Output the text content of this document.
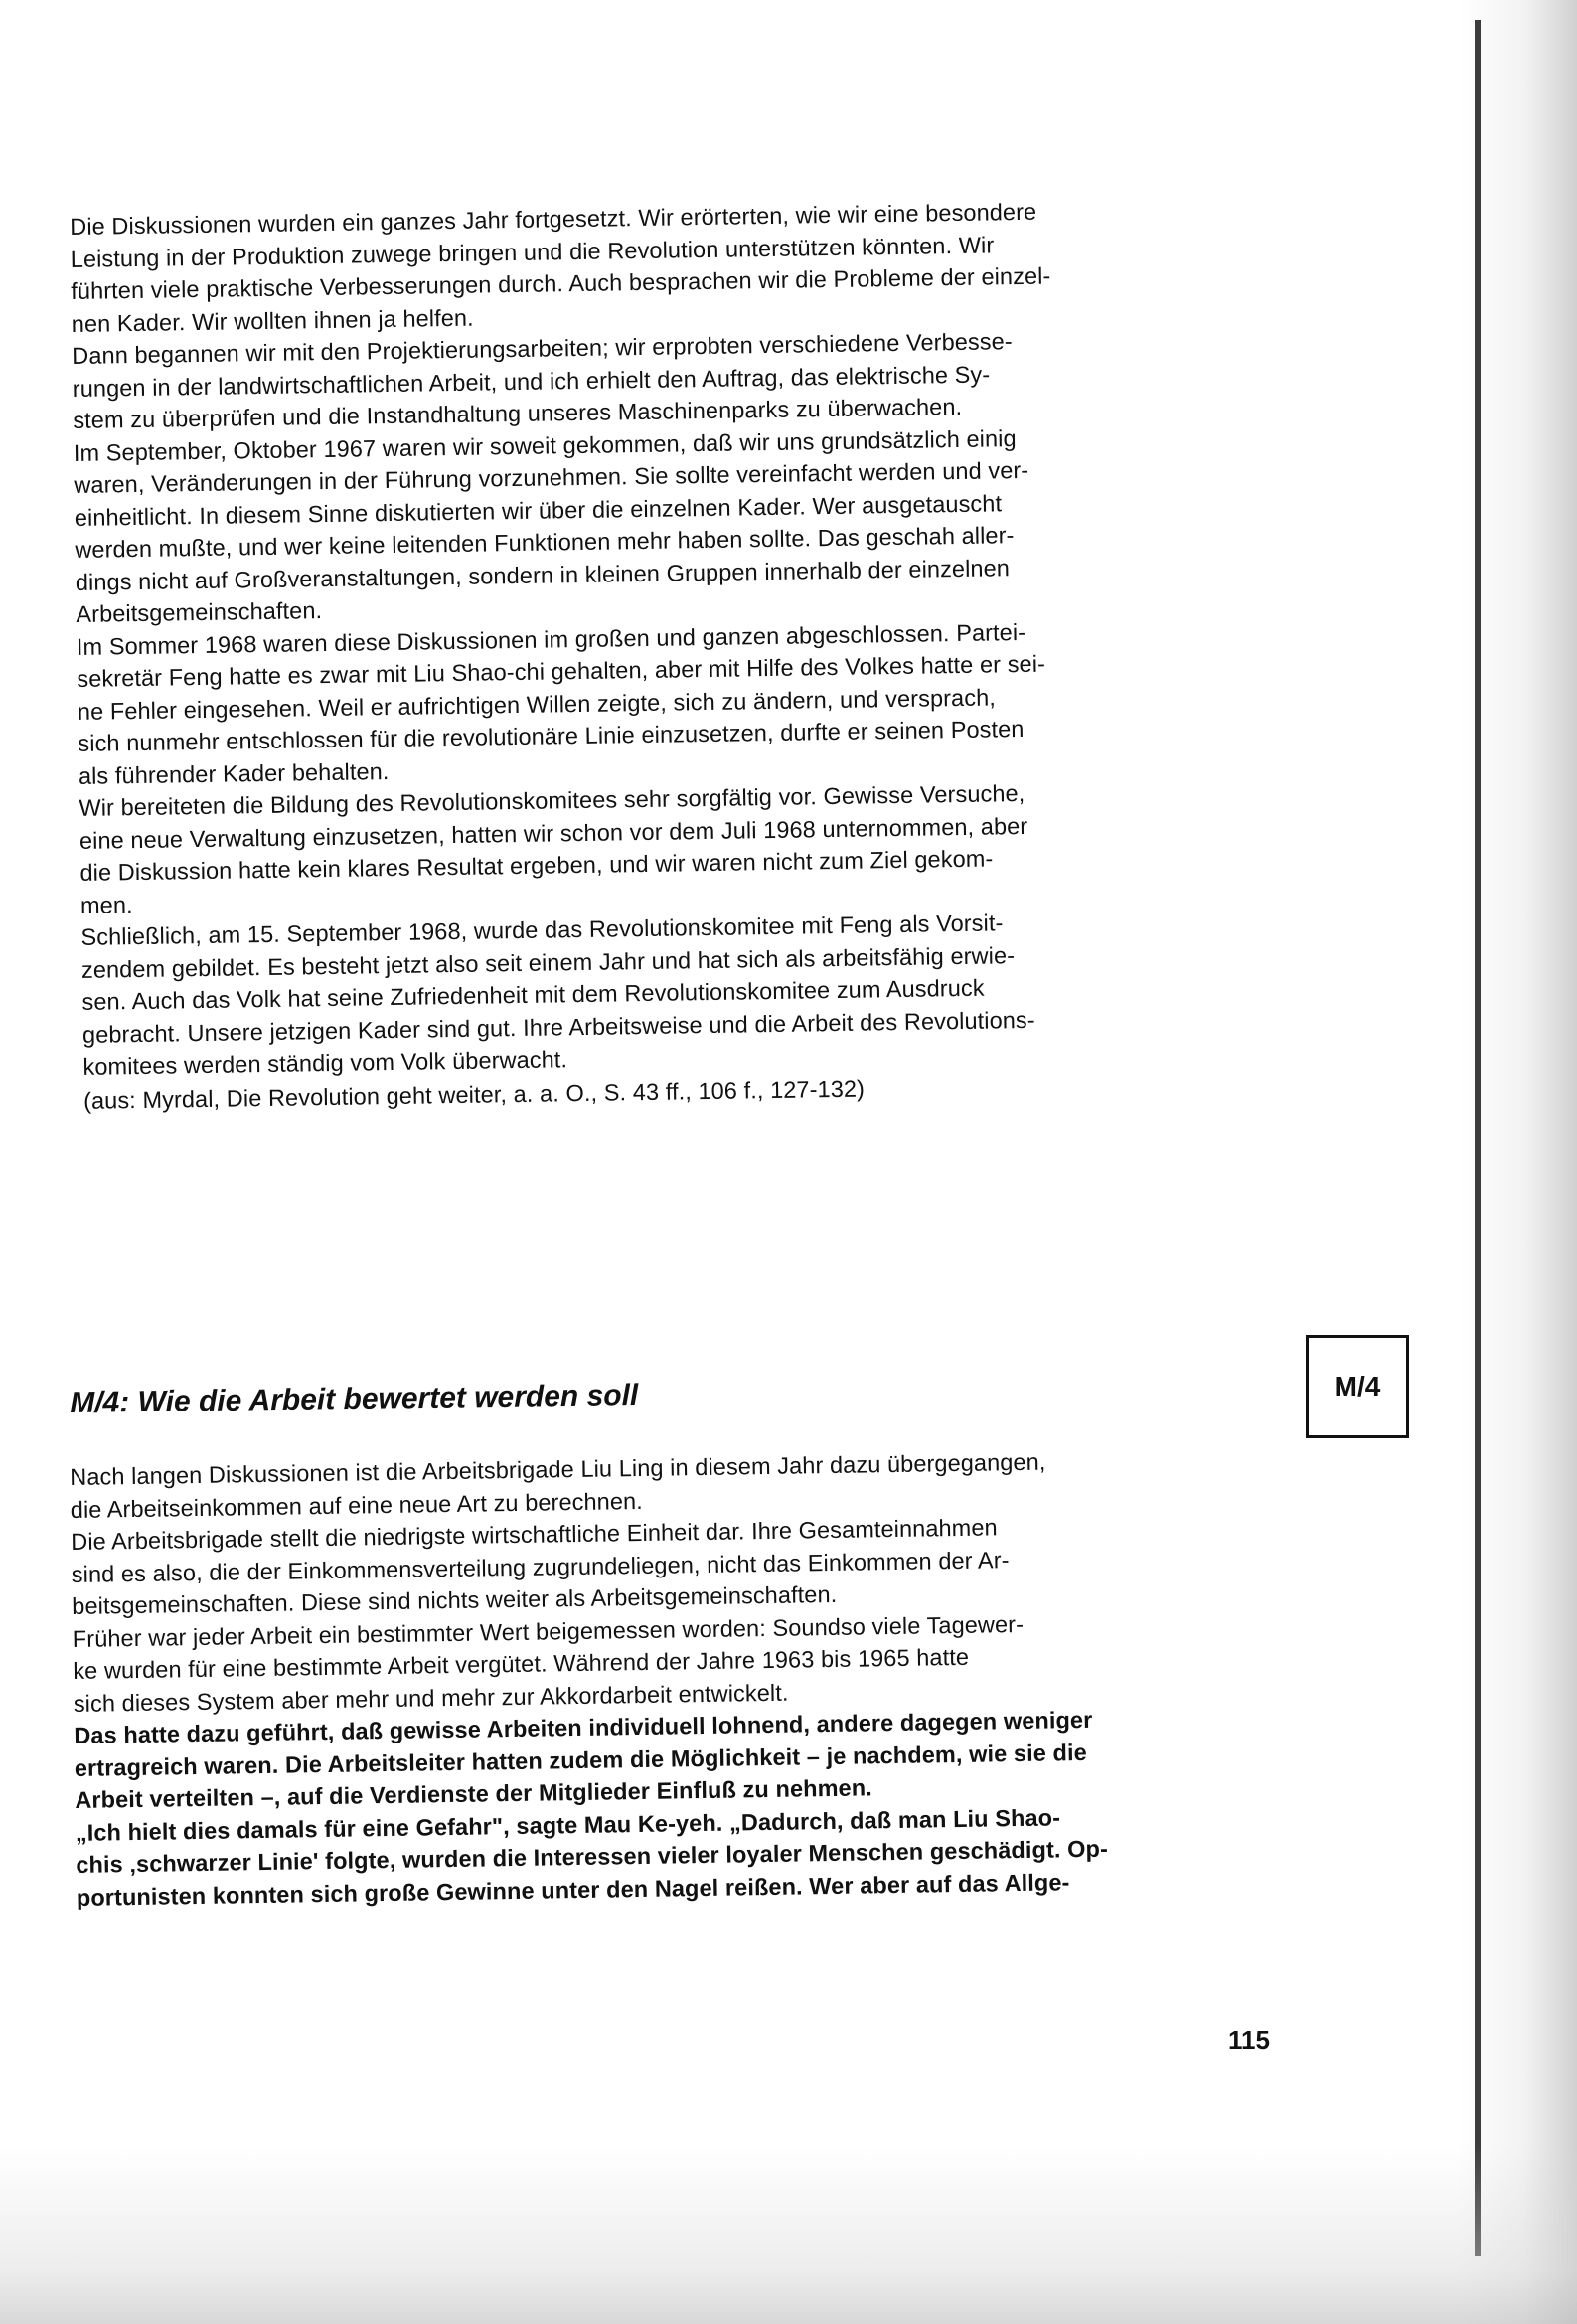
Die Diskussionen wurden ein ganzes Jahr fortgesetzt. Wir erörterten, wie wir eine besondere
Leistung in der Produktion zuwege bringen und die Revolution unterstützen könnten. Wir
führten viele praktische Verbesserungen durch. Auch besprachen wir die Probleme der einzel-
nen Kader. Wir wollten ihnen ja helfen.

Dann begannen wir mit den Projektierungsarbeiten; wir erprobten verschiedene Verbesse-
rungen in der landwirtschaftlichen Arbeit, und ich erhielt den Auftrag, das elektrische Sy-
stem zu überprüfen und die Instandhaltung unseres Maschinenparks zu überwachen.

Im September, Oktober 1967 waren wir soweit gekommen, daß wir uns grundsätzlich einig
waren, Veränderungen in der Führung vorzunehmen. Sie sollte vereinfacht werden und ver-
einheitlicht. In diesem Sinne diskutierten wir über die einzelnen Kader. Wer ausgetauscht
werden mußte, und wer keine leitenden Funktionen mehr haben sollte. Das geschah aller-
dings nicht auf Großveranstaltungen, sondern in kleinen Gruppen innerhalb der einzelnen
Arbeitsgemeinschaften.

Im Sommer 1968 waren diese Diskussionen im großen und ganzen abgeschlossen. Partei-
sekretär Feng hatte es zwar mit Liu Shao-chi gehalten, aber mit Hilfe des Volkes hatte er sei-
ne Fehler eingesehen. Weil er aufrichtigen Willen zeigte, sich zu ändern, und versprach,
sich nunmehr entschlossen für die revolutionäre Linie einzusetzen, durfte er seinen Posten
als führender Kader behalten.

Wir bereiteten die Bildung des Revolutionskomitees sehr sorgfältig vor. Gewisse Versuche,
eine neue Verwaltung einzusetzen, hatten wir schon vor dem Juli 1968 unternommen, aber
die Diskussion hatte kein klares Resultat ergeben, und wir waren nicht zum Ziel gekom-
men.

Schließlich, am 15. September 1968, wurde das Revolutionskomitee mit Feng als Vorsit-
zendem gebildet. Es besteht jetzt also seit einem Jahr und hat sich als arbeitsfähig erwie-
sen. Auch das Volk hat seine Zufriedenheit mit dem Revolutionskomitee zum Ausdruck
gebracht. Unsere jetzigen Kader sind gut. Ihre Arbeitsweise und die Arbeit des Revolutions-
komitees werden ständig vom Volk überwacht.

(aus: Myrdal, Die Revolution geht weiter, a. a. O., S. 43 ff., 106 f., 127-132)

M/4
M/4: Wie die Arbeit bewertet werden soll

Nach langen Diskussionen ist die Arbeitsbrigade Liu Ling in diesem Jahr dazu übergegangen,
die Arbeitseinkommen auf eine neue Art zu berechnen.

Die Arbeitsbrigade stellt die niedrigste wirtschaftliche Einheit dar. Ihre Gesamteinnahmen
sind es also, die der Einkommensverteilung zugrundeliegen, nicht das Einkommen der Ar-
beitsgemeinschaften. Diese sind nichts weiter als Arbeitsgemeinschaften.

Früher war jeder Arbeit ein bestimmter Wert beigemessen worden: Soundso viele Tagewer-
ke wurden für eine bestimmte Arbeit vergütet. Während der Jahre 1963 bis 1965 hatte
sich dieses System aber mehr und mehr zur Akkordarbeit entwickelt.

Das hatte dazu geführt, daß gewisse Arbeiten individuell lohnend, andere dagegen weniger
ertragreich waren. Die Arbeitsleiter hatten zudem die Möglichkeit – je nachdem, wie sie die
Arbeit verteilten –, auf die Verdienste der Mitglieder Einfluß zu nehmen.

„Ich hielt dies damals für eine Gefahr", sagte Mau Ke-yeh. „Dadurch, daß man Liu Shao-
chis ‚schwarzer Linie' folgte, wurden die Interessen vieler loyaler Menschen geschädigt. Op-
portunisten konnten sich große Gewinne unter den Nagel reißen. Wer aber auf das Allge-

115
